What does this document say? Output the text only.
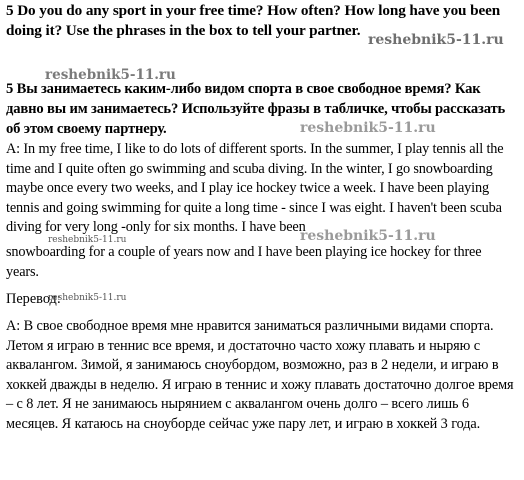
5 Do you do any sport in your free time? How often? How long have you been doing it? Use the phrases in the box to tell your partner.

reshebnik5-11.ru
reshebnik5-11.ru

5 Вы занимаетесь каким-либо видом спорта в свое свободное время? Как давно вы им занимаетесь? Используйте фразы в табличке, чтобы рассказать об этом своему партнеру.	reshebnik5-11.ru

A: In my free time, I like to do lots of different sports. In the summer, I play tennis all the time and I quite often go swimming and scuba diving. In the winter, I go snowboarding maybe once every two weeks, and I play ice hockey twice a week. I have been playing tennis and going swimming for quite a long time - since I was eight. I haven't been scuba diving for very long -only for six months. I have been

reshebnik5-11.ru
reshebnik5-11.ru

snowboarding for a couple of years now and I have been playing ice hockey for three years.

Перевод:

reshebnik5-11.ru

А: В свое свободное время мне нравится заниматься различными видами спорта. Летом я играю в теннис все время, и достаточно часто хожу плавать и ныряю с аквалангом. Зимой, я занимаюсь сноубордом, возможно, раз в 2 недели, и играю в хоккей дважды в неделю. Я играю в теннис и хожу плавать достаточно долгое время – с 8 лет. Я не занимаюсь нырянием с аквалангом очень долго – всего лишь 6 месяцев. Я катаюсь на сноуборде сейчас уже пару лет, и играю в хоккей 3 года.
